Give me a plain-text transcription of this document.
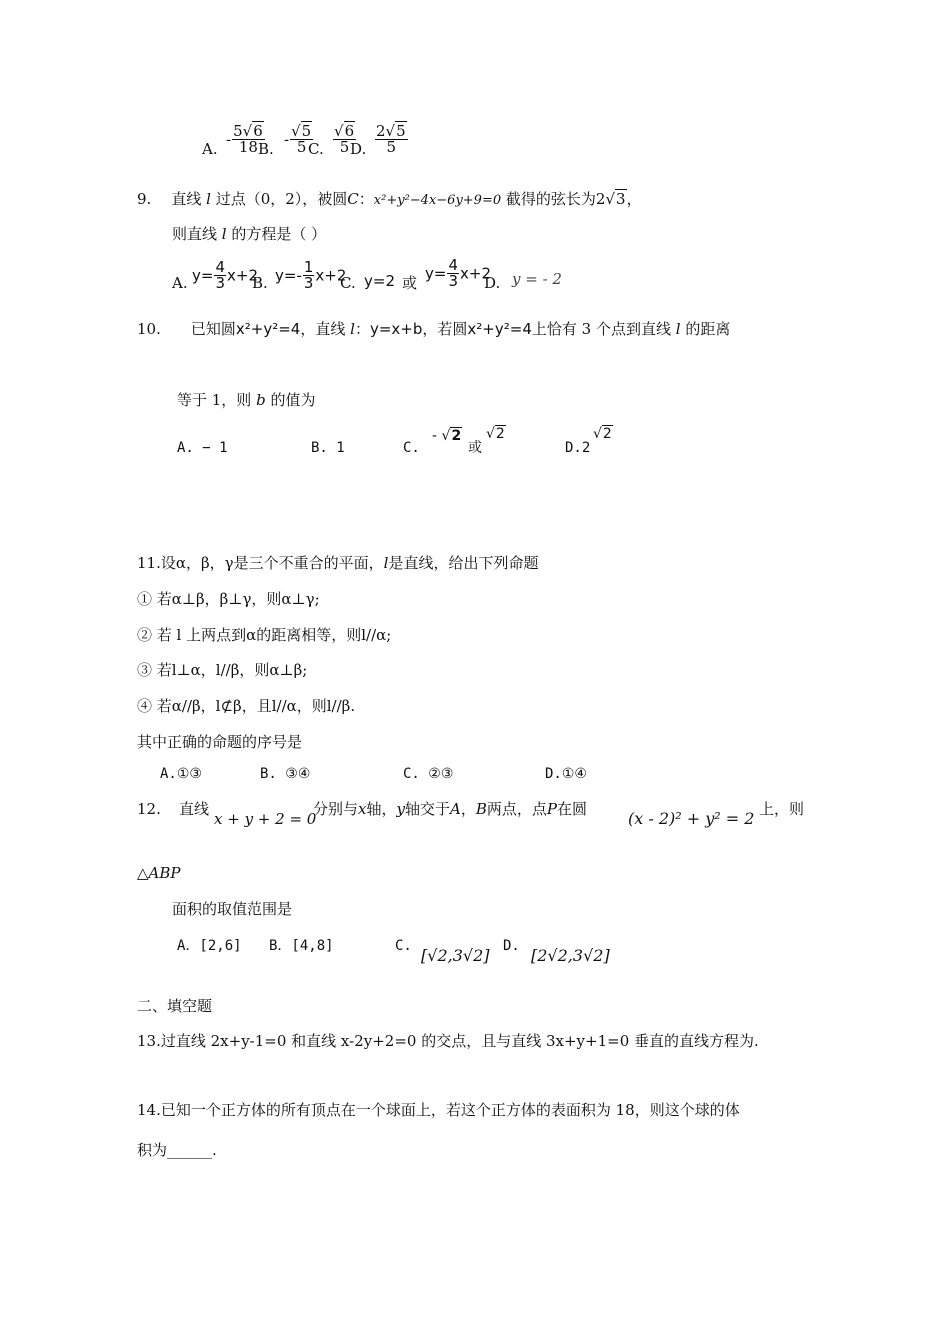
A.
- $\frac{5√6}{18}$
B.
- $\frac{√5}{5}$
C. $\frac{√6}{5}$
D. $\frac{2√5}{5}$
9. 直线 l 过点（0，2），被圆C：x²+y²−4x−6y+9=0 截得的弦长为2√3，
则直线 l 的方程是（ ）
A. $y= \frac{4}{3} x+2$
B. $y=- \frac{1}{3} x+2$
C. y=2 或
$y= \frac{4}{3} x+2$
D. y = - 2
10. 已知圆x²+y²=4，直线 l：y=x+b，若圆x²+y²=4上恰有 3 个点到直线 l 的距离
等于 1，则 b 的值为
A. − 1	B. 1	C.
- √2
或
√2
D.2
√2
11.设α，β，γ是三个不重合的平面，l是直线，给出下列命题
① 若α⊥β，β⊥γ，则α⊥γ;
② 若 l 上两点到α的距离相等，则l//α;
③ 若l⊥α，l//β，则α⊥β;
④ 若α//β，l⊄β，且l//α，则l//β.
其中正确的命题的序号是
A.①③	B. ③④	C. ②③	D.①④
12. 直线
x + y + 2 = 0
分别与x轴，y轴交于A，B两点，点P在圆	(x - 2)² + y² = 2 上，则
△ABP
面积的取值范围是
A．[2,6] B．[4,8]	C. [√2,3√2] D. [2√2,3√2]
二、填空题
13.过直线 2x+y-1=0 和直线 x-2y+2=0 的交点，且与直线 3x+y+1=0 垂直的直线方程为.
14.已知一个正方体的所有顶点在一个球面上，若这个正方体的表面积为 18，则这个球的体
积为______.
